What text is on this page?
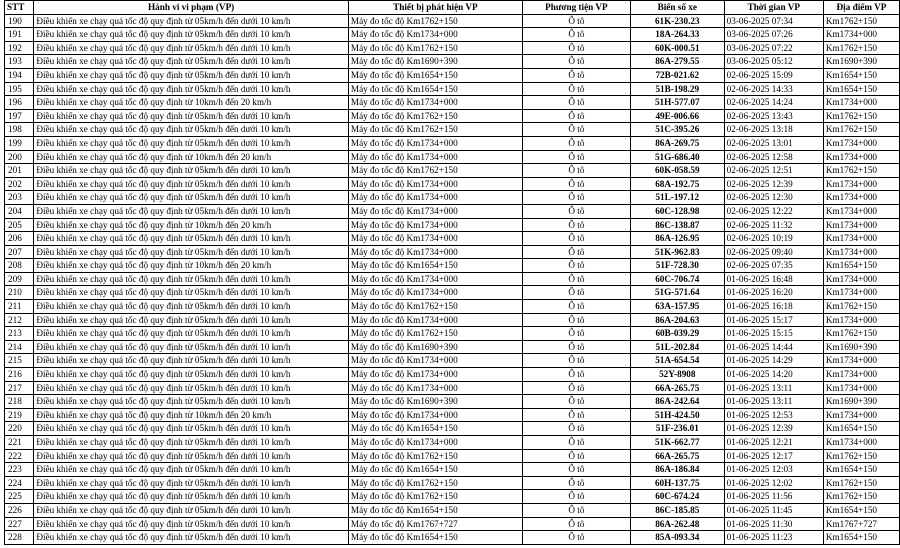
STT	Hành vi vi phạm (VP)	Thiết bị phát hiện VP	Phương tiện VP	Biển số xe	Thời gian VP	Địa điểm VP
190	Điều khiển xe chạy quá tốc độ quy định từ 05km/h đến dưới 10 km/h	Máy đo tốc độ Km1762+150	Ô tô	61K-230.23	03-06-2025 07:34	Km1762+150
191	Điều khiển xe chạy quá tốc độ quy định từ 05km/h đến dưới 10 km/h	Máy đo tốc độ Km1734+000	Ô tô	18A-264.33	03-06-2025 07:26	Km1734+000
192	Điều khiển xe chạy quá tốc độ quy định từ 05km/h đến dưới 10 km/h	Máy đo tốc độ Km1762+150	Ô tô	60K-000.51	03-06-2025 07:22	Km1762+150
193	Điều khiển xe chạy quá tốc độ quy định từ 05km/h đến dưới 10 km/h	Máy đo tốc độ Km1690+390	Ô tô	86A-279.55	03-06-2025 05:12	Km1690+390
194	Điều khiển xe chạy quá tốc độ quy định từ 05km/h đến dưới 10 km/h	Máy đo tốc độ Km1654+150	Ô tô	72B-021.62	02-06-2025 15:09	Km1654+150
195	Điều khiển xe chạy quá tốc độ quy định từ 05km/h đến dưới 10 km/h	Máy đo tốc độ Km1654+150	Ô tô	51B-198.29	02-06-2025 14:33	Km1654+150
196	Điều khiển xe chạy quá tốc độ quy định từ 10km/h đến 20 km/h	Máy đo tốc độ Km1734+000	Ô tô	51H-577.07	02-06-2025 14:24	Km1734+000
197	Điều khiển xe chạy quá tốc độ quy định từ 05km/h đến dưới 10 km/h	Máy đo tốc độ Km1762+150	Ô tô	49E-006.66	02-06-2025 13:43	Km1762+150
198	Điều khiển xe chạy quá tốc độ quy định từ 05km/h đến dưới 10 km/h	Máy đo tốc độ Km1762+150	Ô tô	51C-395.26	02-06-2025 13:18	Km1762+150
199	Điều khiển xe chạy quá tốc độ quy định từ 05km/h đến dưới 10 km/h	Máy đo tốc độ Km1734+000	Ô tô	86A-269.75	02-06-2025 13:01	Km1734+000
200	Điều khiển xe chạy quá tốc độ quy định từ 10km/h đến 20 km/h	Máy đo tốc độ Km1734+000	Ô tô	51G-686.40	02-06-2025 12:58	Km1734+000
201	Điều khiển xe chạy quá tốc độ quy định từ 05km/h đến dưới 10 km/h	Máy đo tốc độ Km1762+150	Ô tô	60K-058.59	02-06-2025 12:51	Km1762+150
202	Điều khiển xe chạy quá tốc độ quy định từ 05km/h đến dưới 10 km/h	Máy đo tốc độ Km1734+000	Ô tô	68A-192.75	02-06-2025 12:39	Km1734+000
203	Điều khiển xe chạy quá tốc độ quy định từ 05km/h đến dưới 10 km/h	Máy đo tốc độ Km1734+000	Ô tô	51L-197.12	02-06-2025 12:30	Km1734+000
204	Điều khiển xe chạy quá tốc độ quy định từ 05km/h đến dưới 10 km/h	Máy đo tốc độ Km1734+000	Ô tô	60C-128.98	02-06-2025 12:22	Km1734+000
205	Điều khiển xe chạy quá tốc độ quy định từ 10km/h đến 20 km/h	Máy đo tốc độ Km1734+000	Ô tô	86C-138.87	02-06-2025 11:32	Km1734+000
206	Điều khiển xe chạy quá tốc độ quy định từ 05km/h đến dưới 10 km/h	Máy đo tốc độ Km1734+000	Ô tô	86A-126.95	02-06-2025 10:19	Km1734+000
207	Điều khiển xe chạy quá tốc độ quy định từ 05km/h đến dưới 10 km/h	Máy đo tốc độ Km1734+000	Ô tô	51K-962.83	02-06-2025 09:40	Km1734+000
208	Điều khiển xe chạy quá tốc độ quy định từ 10km/h đến 20 km/h	Máy đo tốc độ Km1654+150	Ô tô	51F-728.30	02-06-2025 07:35	Km1654+150
209	Điều khiển xe chạy quá tốc độ quy định từ 05km/h đến dưới 10 km/h	Máy đo tốc độ Km1734+000	Ô tô	60C-706.74	01-06-2025 16:48	Km1734+000
210	Điều khiển xe chạy quá tốc độ quy định từ 05km/h đến dưới 10 km/h	Máy đo tốc độ Km1734+000	Ô tô	51G-571.64	01-06-2025 16:20	Km1734+000
211	Điều khiển xe chạy quá tốc độ quy định từ 05km/h đến dưới 10 km/h	Máy đo tốc độ Km1762+150	Ô tô	63A-157.95	01-06-2025 16:18	Km1762+150
212	Điều khiển xe chạy quá tốc độ quy định từ 05km/h đến dưới 10 km/h	Máy đo tốc độ Km1734+000	Ô tô	86A-204.63	01-06-2025 15:17	Km1734+000
213	Điều khiển xe chạy quá tốc độ quy định từ 05km/h đến dưới 10 km/h	Máy đo tốc độ Km1762+150	Ô tô	60B-039.29	01-06-2025 15:15	Km1762+150
214	Điều khiển xe chạy quá tốc độ quy định từ 05km/h đến dưới 10 km/h	Máy đo tốc độ Km1690+390	Ô tô	51L-202.84	01-06-2025 14:44	Km1690+390
215	Điều khiển xe chạy quá tốc độ quy định từ 05km/h đến dưới 10 km/h	Máy đo tốc độ Km1734+000	Ô tô	51A-654.54	01-06-2025 14:29	Km1734+000
216	Điều khiển xe chạy quá tốc độ quy định từ 05km/h đến dưới 10 km/h	Máy đo tốc độ Km1734+000	Ô tô	52Y-8908	01-06-2025 14:20	Km1734+000
217	Điều khiển xe chạy quá tốc độ quy định từ 05km/h đến dưới 10 km/h	Máy đo tốc độ Km1734+000	Ô tô	66A-265.75	01-06-2025 13:11	Km1734+000
218	Điều khiển xe chạy quá tốc độ quy định từ 05km/h đến dưới 10 km/h	Máy đo tốc độ Km1690+390	Ô tô	86A-242.64	01-06-2025 13:11	Km1690+390
219	Điều khiển xe chạy quá tốc độ quy định từ 10km/h đến 20 km/h	Máy đo tốc độ Km1734+000	Ô tô	51H-424.50	01-06-2025 12:53	Km1734+000
220	Điều khiển xe chạy quá tốc độ quy định từ 05km/h đến dưới 10 km/h	Máy đo tốc độ Km1654+150	Ô tô	51F-236.01	01-06-2025 12:39	Km1654+150
221	Điều khiển xe chạy quá tốc độ quy định từ 05km/h đến dưới 10 km/h	Máy đo tốc độ Km1734+000	Ô tô	51K-662.77	01-06-2025 12:21	Km1734+000
222	Điều khiển xe chạy quá tốc độ quy định từ 05km/h đến dưới 10 km/h	Máy đo tốc độ Km1762+150	Ô tô	66A-265.75	01-06-2025 12:17	Km1762+150
223	Điều khiển xe chạy quá tốc độ quy định từ 05km/h đến dưới 10 km/h	Máy đo tốc độ Km1654+150	Ô tô	86A-186.84	01-06-2025 12:03	Km1654+150
224	Điều khiển xe chạy quá tốc độ quy định từ 05km/h đến dưới 10 km/h	Máy đo tốc độ Km1762+150	Ô tô	60H-137.75	01-06-2025 12:02	Km1762+150
225	Điều khiển xe chạy quá tốc độ quy định từ 05km/h đến dưới 10 km/h	Máy đo tốc độ Km1762+150	Ô tô	60C-674.24	01-06-2025 11:56	Km1762+150
226	Điều khiển xe chạy quá tốc độ quy định từ 05km/h đến dưới 10 km/h	Máy đo tốc độ Km1654+150	Ô tô	86C-185.85	01-06-2025 11:45	Km1654+150
227	Điều khiển xe chạy quá tốc độ quy định từ 05km/h đến dưới 10 km/h	Máy đo tốc độ Km1767+727	Ô tô	86A-262.48	01-06-2025 11:30	Km1767+727
228	Điều khiển xe chạy quá tốc độ quy định từ 05km/h đến dưới 10 km/h	Máy đo tốc độ Km1654+150	Ô tô	85A-093.34	01-06-2025 11:23	Km1654+150
